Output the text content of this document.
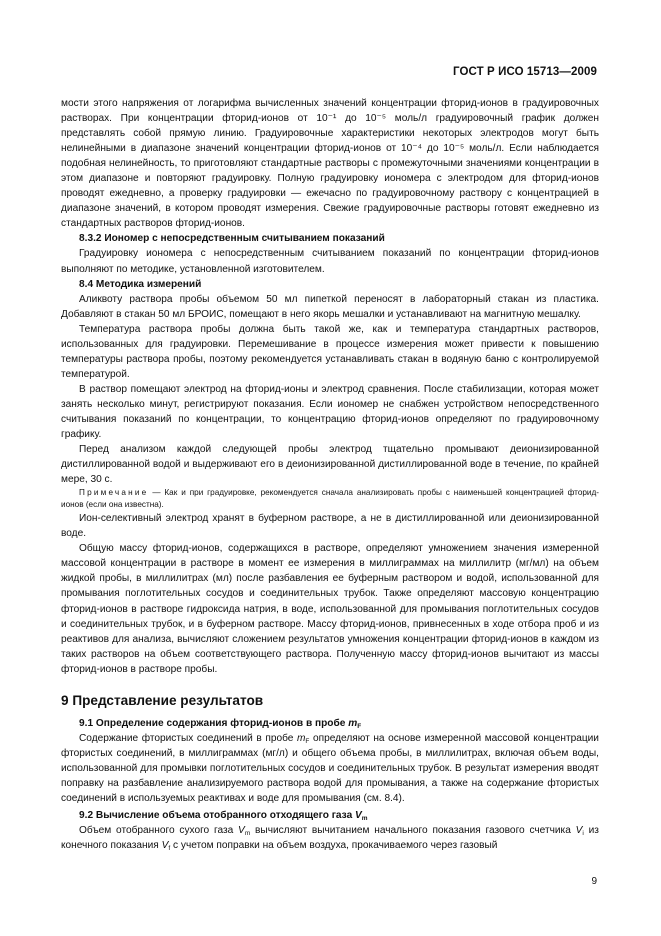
ГОСТ Р ИСО 15713—2009

мости этого напряжения от логарифма вычисленных значений концентрации фторид-ионов в градуировочных растворах. При концентрации фторид-ионов от 10⁻¹ до 10⁻⁵ моль/л градуировочный график должен представлять собой прямую линию. Градуировочные характеристики некоторых электродов могут быть нелинейными в диапазоне значений концентрации фторид-ионов от 10⁻⁴ до 10⁻⁵ моль/л. Если наблюдается подобная нелинейность, то приготовляют стандартные растворы с промежуточными значениями концентрации в этом диапазоне и повторяют градуировку. Полную градуировку иономера с электродом для фторид-ионов проводят ежедневно, а проверку градуировки — ежечасно по градуировочному раствору с концентрацией в диапазоне значений, в котором проводят измерения. Свежие градуировочные растворы готовят ежедневно из стандартных растворов фторид-ионов.

8.3.2 Иономер с непосредственным считыванием показаний

Градуировку иономера с непосредственным считыванием показаний по концентрации фторид-ионов выполняют по методике, установленной изготовителем.

8.4 Методика измерений

Аликвоту раствора пробы объемом 50 мл пипеткой переносят в лабораторный стакан из пластика. Добавляют в стакан 50 мл БРОИС, помещают в него якорь мешалки и устанавливают на магнитную мешалку.

Температура раствора пробы должна быть такой же, как и температура стандартных растворов, использованных для градуировки. Перемешивание в процессе измерения может привести к повышению температуры раствора пробы, поэтому рекомендуется устанавливать стакан в водяную баню с контролируемой температурой.

В раствор помещают электрод на фторид-ионы и электрод сравнения. После стабилизации, которая может занять несколько минут, регистрируют показания. Если иономер не снабжен устройством непосредственного считывания показаний по концентрации, то концентрацию фторид-ионов определяют по градуировочному графику.

Перед анализом каждой следующей пробы электрод тщательно промывают деионизированной дистиллированной водой и выдерживают его в деионизированной дистиллированной воде в течение, по крайней мере, 30 с.

Примечание — Как и при градуировке, рекомендуется сначала анализировать пробы с наименьшей концентрацией фторид-ионов (если она известна).

Ион-селективный электрод хранят в буферном растворе, а не в дистиллированной или деионизированной воде.

Общую массу фторид-ионов, содержащихся в растворе, определяют умножением значения измеренной массовой концентрации в растворе в момент ее измерения в миллиграммах на миллилитр (мг/мл) на объем жидкой пробы, в миллилитрах (мл) после разбавления ее буферным раствором и водой, использованной для промывания поглотительных сосудов и соединительных трубок. Также определяют массовую концентрацию фторид-ионов в растворе гидроксида натрия, в воде, использованной для промывания поглотительных сосудов и соединительных трубок, и в буферном растворе. Массу фторид-ионов, привнесенных в ходе отбора проб и из реактивов для анализа, вычисляют сложением результатов умножения концентрации фторид-ионов в каждом из таких растворов на объем соответствующего раствора. Полученную массу фторид-ионов вычитают из массы фторид-ионов в растворе пробы.

9 Представление результатов

9.1 Определение содержания фторид-ионов в пробе $m_F$

Содержание фтористых соединений в пробе $m_F$ определяют на основе измеренной массовой концентрации фтористых соединений, в миллиграммах (мг/л) и общего объема пробы, в миллилитрах, включая объем воды, использованной для промывки поглотительных сосудов и соединительных трубок. В результат измерения вводят поправку на разбавление анализируемого раствора водой для промывания, а также на содержание фтористых соединений в используемых реактивах и воде для промывания (см. 8.4).

9.2 Вычисление объема отобранного отходящего газа $V_m$

Объем отобранного сухого газа $V_m$ вычисляют вычитанием начального показания газового счетчика $V_i$ из конечного показания $V_f$ с учетом поправки на объем воздуха, прокачиваемого через газовый

9
